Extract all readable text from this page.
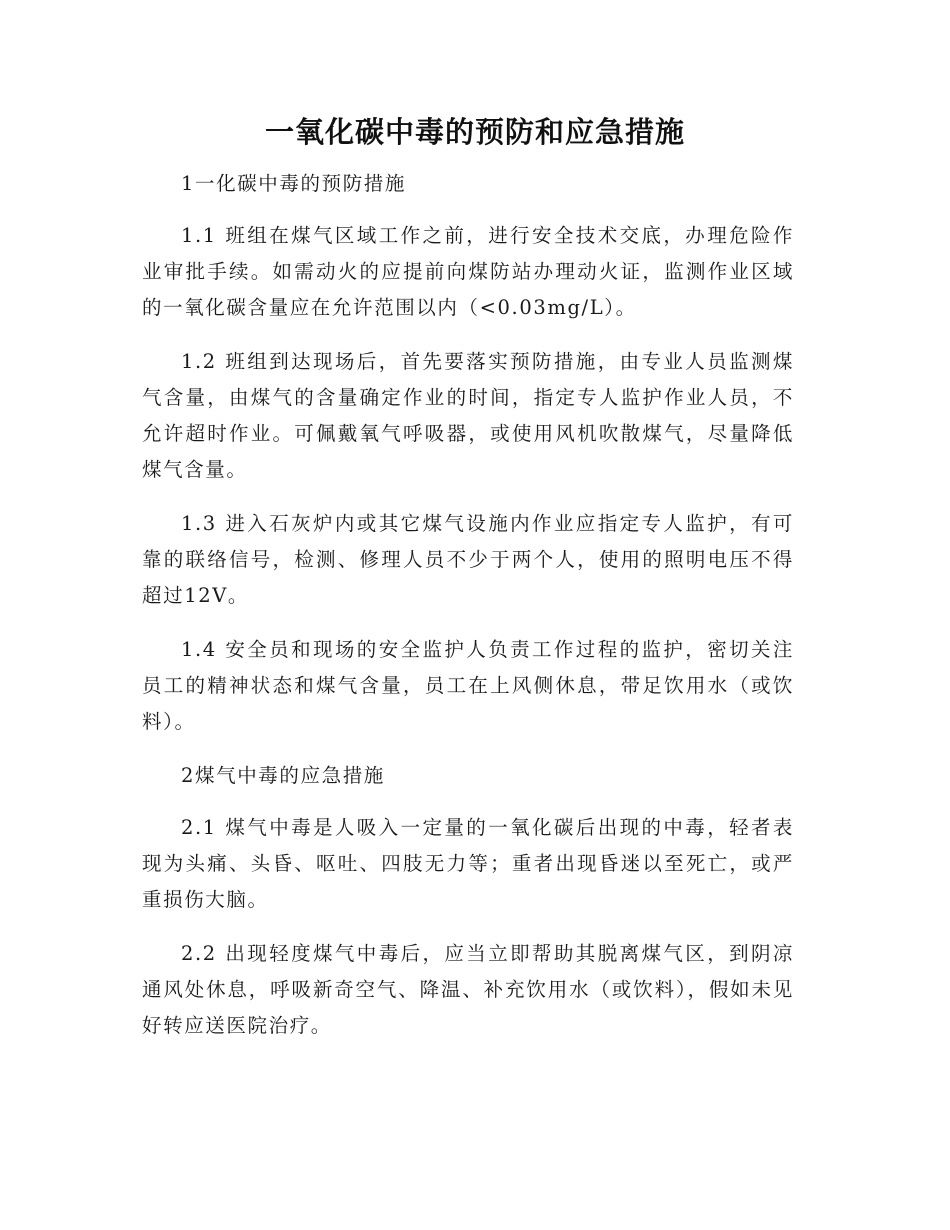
一氧化碳中毒的预防和应急措施

1一化碳中毒的预防措施

1.1 班组在煤气区域工作之前，进行安全技术交底，办理危险作业审批手续。如需动火的应提前向煤防站办理动火证，监测作业区域的一氧化碳含量应在允许范围以内（<0.03mg/L）。

1.2 班组到达现场后，首先要落实预防措施，由专业人员监测煤气含量，由煤气的含量确定作业的时间，指定专人监护作业人员，不允许超时作业。可佩戴氧气呼吸器，或使用风机吹散煤气，尽量降低煤气含量。

1.3 进入石灰炉内或其它煤气设施内作业应指定专人监护，有可靠的联络信号，检测、修理人员不少于两个人，使用的照明电压不得超过12V。

1.4 安全员和现场的安全监护人负责工作过程的监护，密切关注员工的精神状态和煤气含量，员工在上风侧休息，带足饮用水（或饮料）。

2煤气中毒的应急措施

2.1 煤气中毒是人吸入一定量的一氧化碳后出现的中毒，轻者表现为头痛、头昏、呕吐、四肢无力等；重者出现昏迷以至死亡，或严重损伤大脑。

2.2 出现轻度煤气中毒后，应当立即帮助其脱离煤气区，到阴凉通风处休息，呼吸新奇空气、降温、补充饮用水（或饮料），假如未见好转应送医院治疗。
